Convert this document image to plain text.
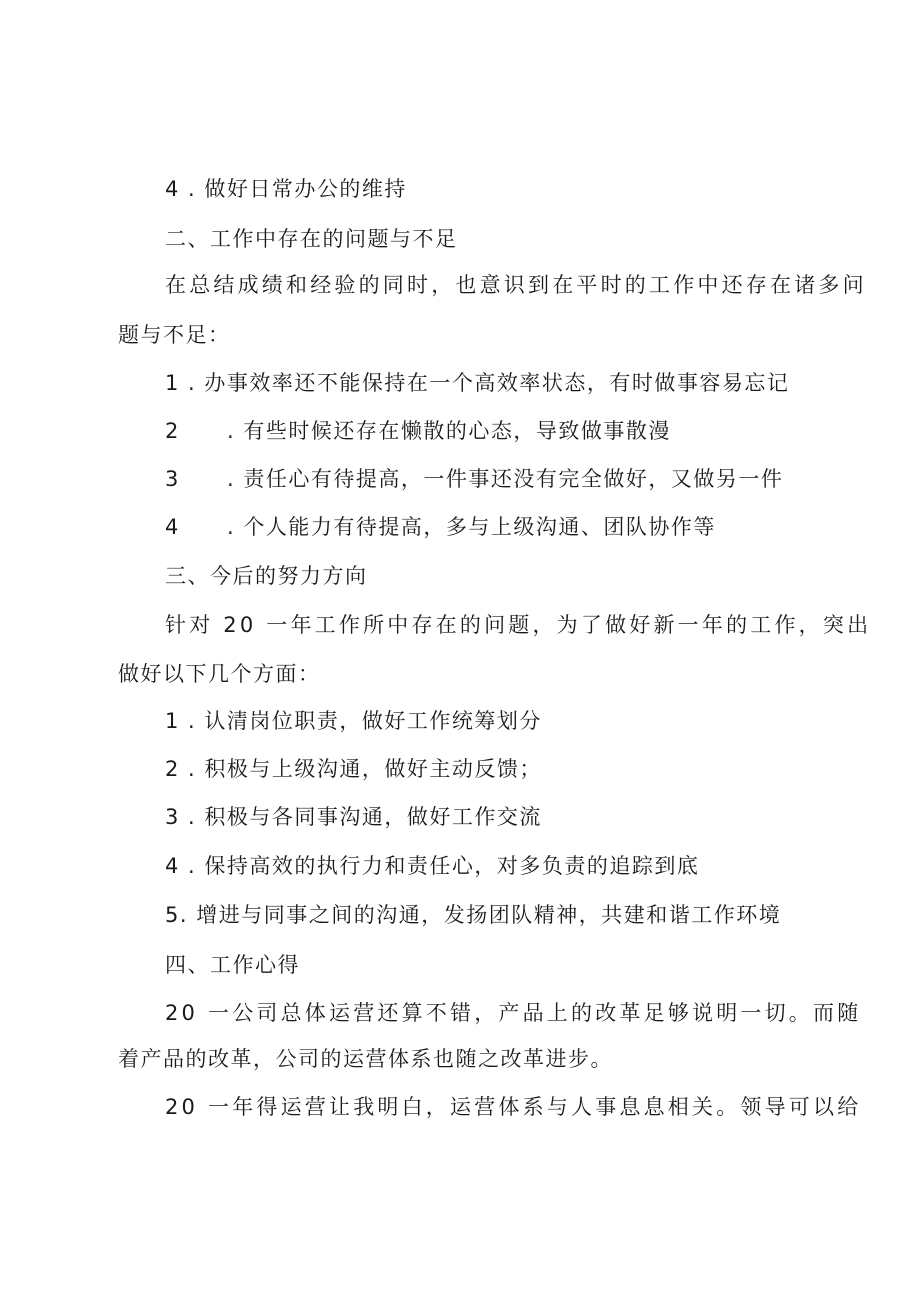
4 . 做好日常办公的维持
二、工作中存在的问题与不足
在总结成绩和经验的同时，也意识到在平时的工作中还存在诸多问
题与不足：
1 . 办事效率还不能保持在一个高效率状态，有时做事容易忘记
2 . 有些时候还存在懒散的心态，导致做事散漫
3 . 责任心有待提高，一件事还没有完全做好，又做另一件
4 . 个人能力有待提高，多与上级沟通、团队协作等
三、今后的努力方向
针对 20 一年工作所中存在的问题，为了做好新一年的工作，突出
做好以下几个方面：
1 . 认清岗位职责，做好工作统筹划分
2 . 积极与上级沟通，做好主动反馈；
3 . 积极与各同事沟通，做好工作交流
4 . 保持高效的执行力和责任心，对多负责的追踪到底
5. 增进与同事之间的沟通，发扬团队精神，共建和谐工作环境
四、工作心得
20 一公司总体运营还算不错，产品上的改革足够说明一切。而随
着产品的改革，公司的运营体系也随之改革进步。
20 一年得运营让我明白，运营体系与人事息息相关。领导可以给
